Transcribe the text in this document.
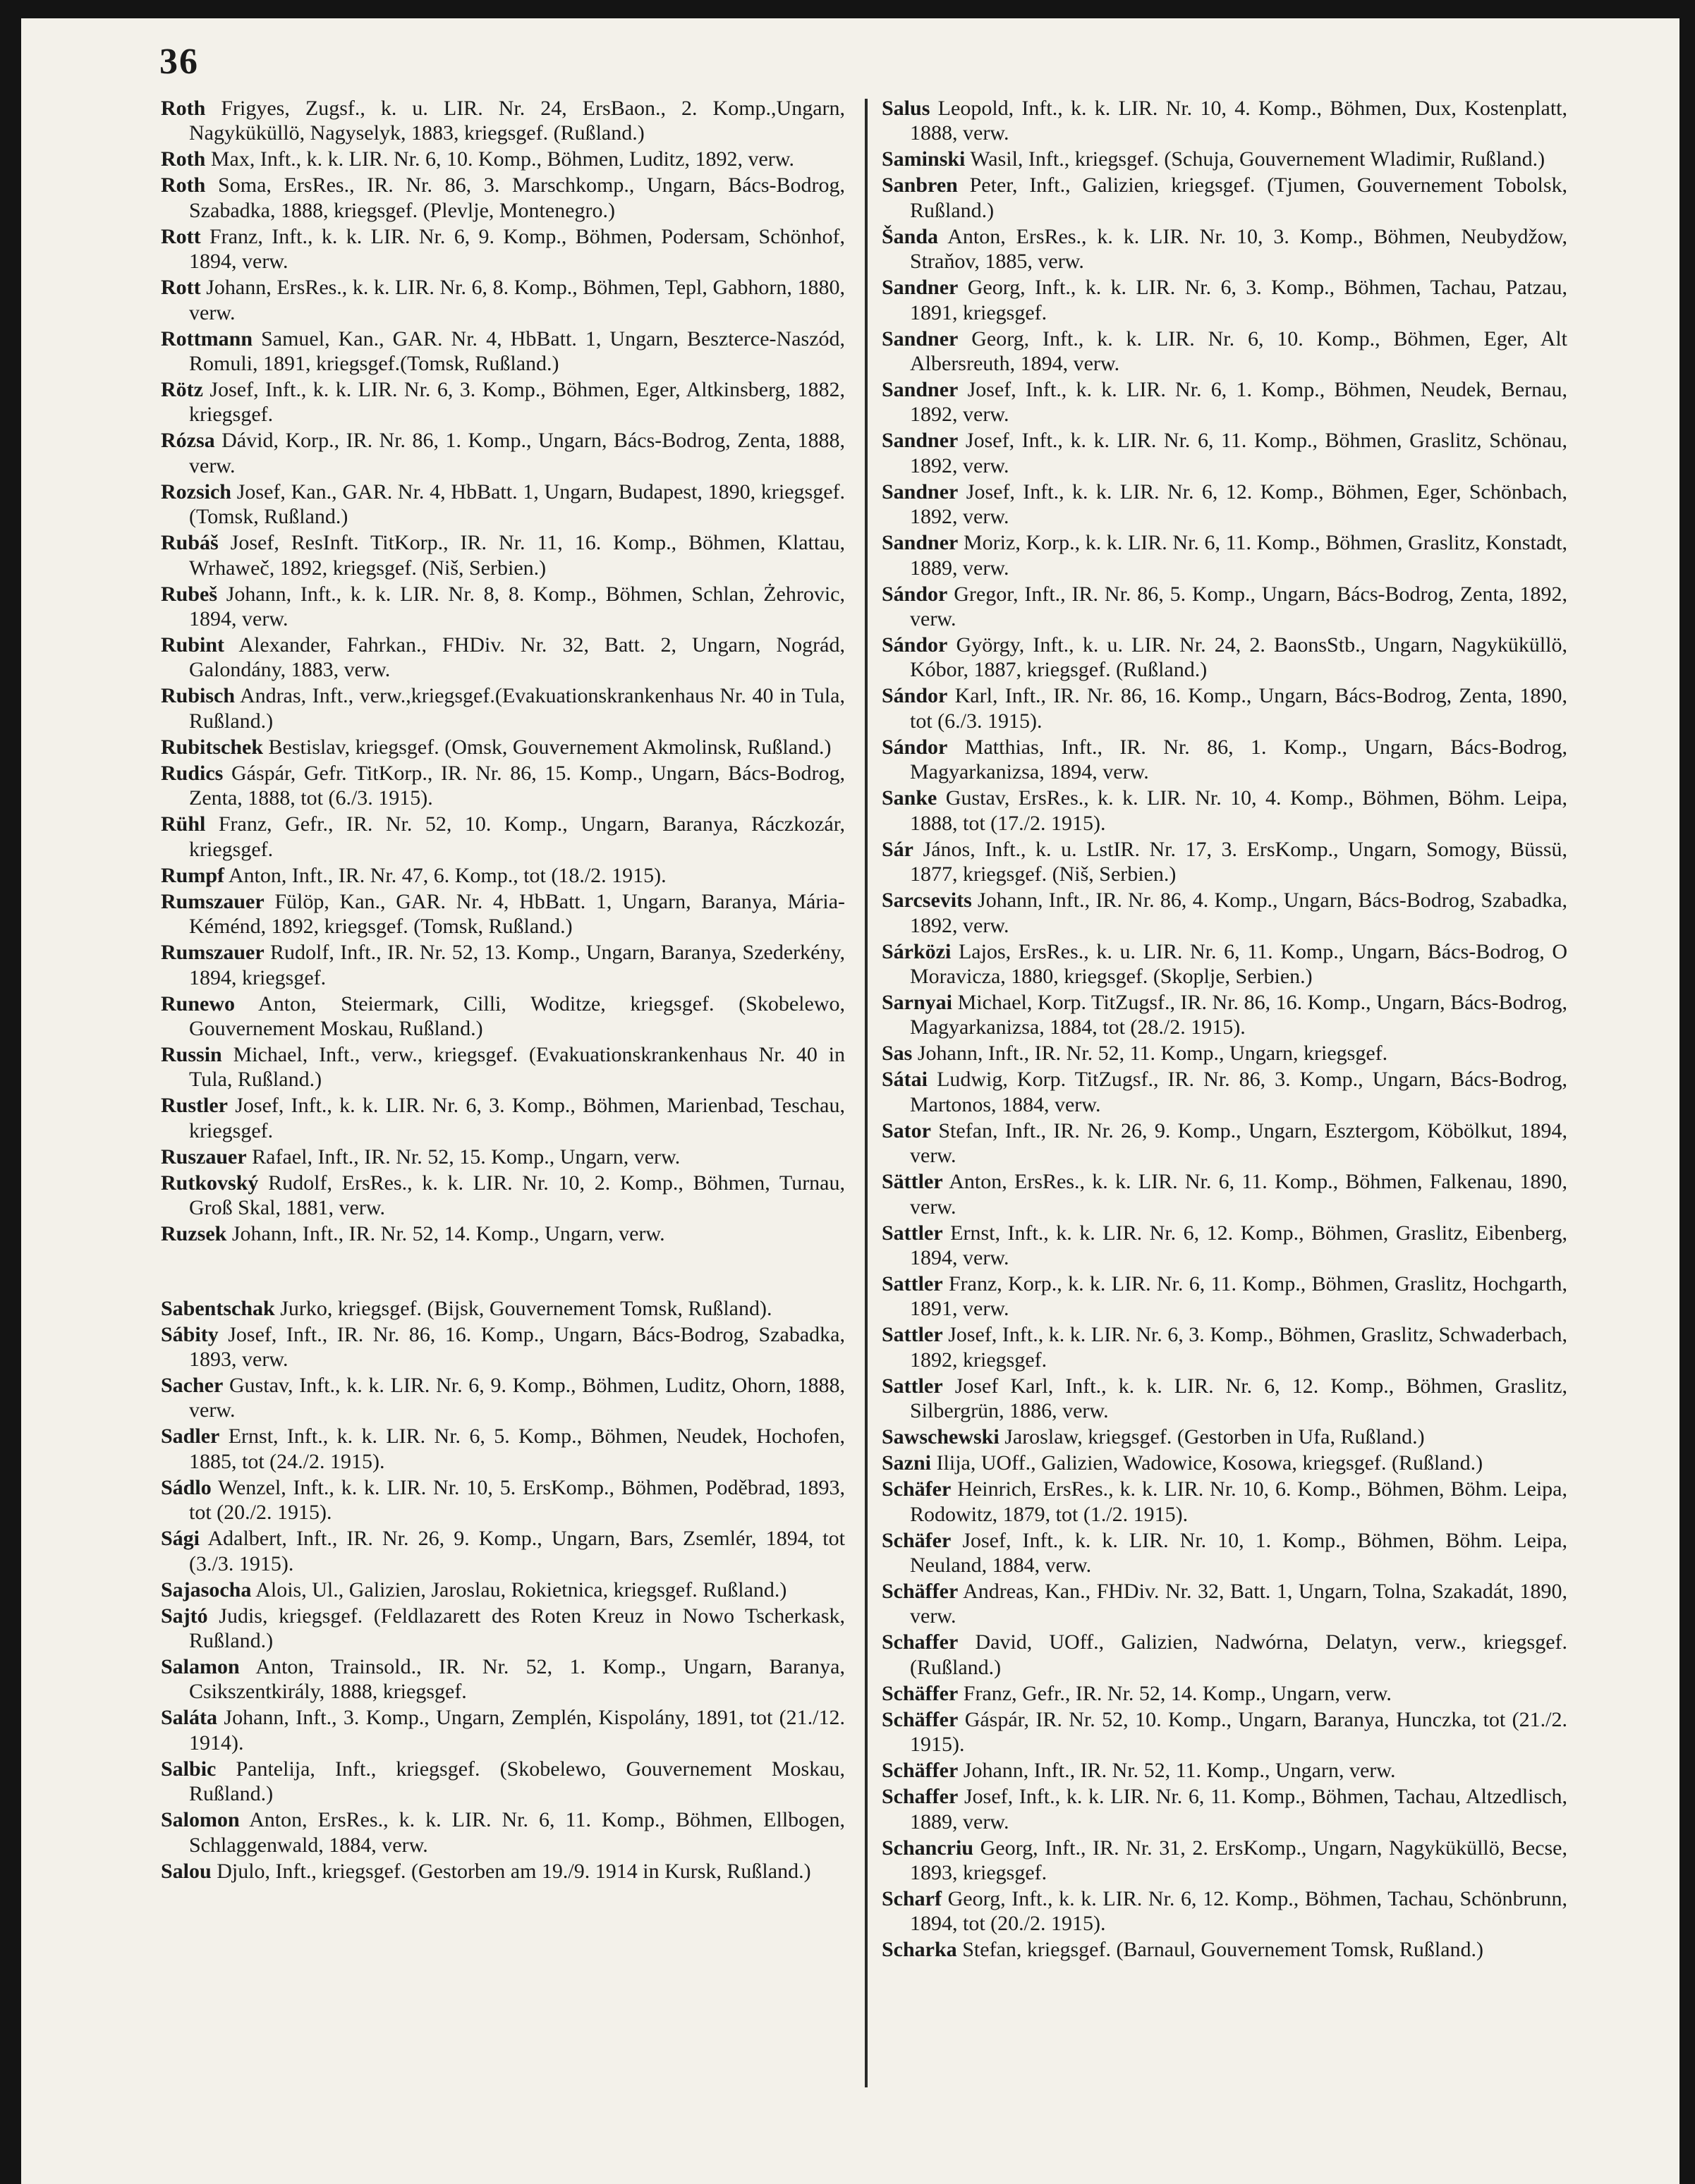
36
Roth Frigyes, Zugsf., k. u. LIR. Nr. 24, ErsBaon., 2. Komp.,Ungarn, Nagyküküllö, Nagyselyk, 1883, kriegsgef. (Rußland.)
Roth Max, Inft., k. k. LIR. Nr. 6, 10. Komp., Böhmen, Luditz, 1892, verw.
Roth Soma, ErsRes., IR. Nr. 86, 3. Marschkomp., Ungarn, Bács-Bodrog, Szabadka, 1888, kriegsgef. (Plevlje, Montenegro.)
Rott Franz, Inft., k. k. LIR. Nr. 6, 9. Komp., Böhmen, Podersam, Schönhof, 1894, verw.
Rott Johann, ErsRes., k. k. LIR. Nr. 6, 8. Komp., Böhmen, Tepl, Gabhorn, 1880, verw.
Rottmann Samuel, Kan., GAR. Nr. 4, HbBatt. 1, Ungarn, Beszterce-Naszód, Romuli, 1891, kriegsgef.(Tomsk, Rußland.)
Rötz Josef, Inft., k. k. LIR. Nr. 6, 3. Komp., Böhmen, Eger, Altkinsberg, 1882, kriegsgef.
Rózsa Dávid, Korp., IR. Nr. 86, 1. Komp., Ungarn, Bács-Bodrog, Zenta, 1888, verw.
Rozsich Josef, Kan., GAR. Nr. 4, HbBatt. 1, Ungarn, Budapest, 1890, kriegsgef. (Tomsk, Rußland.)
Rubáš Josef, ResInft. TitKorp., IR. Nr. 11, 16. Komp., Böhmen, Klattau, Wrhaweč, 1892, kriegsgef. (Niš, Serbien.)
Rubeš Johann, Inft., k. k. LIR. Nr. 8, 8. Komp., Böhmen, Schlan, Żehrovic, 1894, verw.
Rubint Alexander, Fahrkan., FHDiv. Nr. 32, Batt. 2, Ungarn, Nográd, Galondány, 1883, verw.
Rubisch Andras, Inft., verw.,kriegsgef.(Evakuationskrankenhaus Nr. 40 in Tula, Rußland.)
Rubitschek Bestislav, kriegsgef. (Omsk, Gouvernement Akmolinsk, Rußland.)
Rudics Gáspár, Gefr. TitKorp., IR. Nr. 86, 15. Komp., Ungarn, Bács-Bodrog, Zenta, 1888, tot (6./3. 1915).
Rühl Franz, Gefr., IR. Nr. 52, 10. Komp., Ungarn, Baranya, Ráczkozár, kriegsgef.
Rumpf Anton, Inft., IR. Nr. 47, 6. Komp., tot (18./2. 1915).
Rumszauer Fülöp, Kan., GAR. Nr. 4, HbBatt. 1, Ungarn, Baranya, Mária-Kéménd, 1892, kriegsgef. (Tomsk, Rußland.)
Rumszauer Rudolf, Inft., IR. Nr. 52, 13. Komp., Ungarn, Baranya, Szederkény, 1894, kriegsgef.
Runewo Anton, Steiermark, Cilli, Woditze, kriegsgef. (Skobelewo, Gouvernement Moskau, Rußland.)
Russin Michael, Inft., verw., kriegsgef. (Evakuationskrankenhaus Nr. 40 in Tula, Rußland.)
Rustler Josef, Inft., k. k. LIR. Nr. 6, 3. Komp., Böhmen, Marienbad, Teschau, kriegsgef.
Ruszauer Rafael, Inft., IR. Nr. 52, 15. Komp., Ungarn, verw.
Rutkovský Rudolf, ErsRes., k. k. LIR. Nr. 10, 2. Komp., Böhmen, Turnau, Groß Skal, 1881, verw.
Ruzsek Johann, Inft., IR. Nr. 52, 14. Komp., Ungarn, verw.
Sabentschak Jurko, kriegsgef. (Bijsk, Gouvernement Tomsk, Rußland).
Sábity Josef, Inft., IR. Nr. 86, 16. Komp., Ungarn, Bács-Bodrog, Szabadka, 1893, verw.
Sacher Gustav, Inft., k. k. LIR. Nr. 6, 9. Komp., Böhmen, Luditz, Ohorn, 1888, verw.
Sadler Ernst, Inft., k. k. LIR. Nr. 6, 5. Komp., Böhmen, Neudek, Hochofen, 1885, tot (24./2. 1915).
Sádlo Wenzel, Inft., k. k. LIR. Nr. 10, 5. ErsKomp., Böhmen, Poděbrad, 1893, tot (20./2. 1915).
Sági Adalbert, Inft., IR. Nr. 26, 9. Komp., Ungarn, Bars, Zsemlér, 1894, tot (3./3. 1915).
Sajasocha Alois, Ul., Galizien, Jaroslau, Rokietnica, kriegsgef. Rußland.)
Sajtó Judis, kriegsgef. (Feldlazarett des Roten Kreuz in Nowo Tscherkask, Rußland.)
Salamon Anton, Trainsold., IR. Nr. 52, 1. Komp., Ungarn, Baranya, Csikszentkirály, 1888, kriegsgef.
Saláta Johann, Inft., 3. Komp., Ungarn, Zemplén, Kispolány, 1891, tot (21./12. 1914).
Salbic Pantelija, Inft., kriegsgef. (Skobelewo, Gouvernement Moskau, Rußland.)
Salomon Anton, ErsRes., k. k. LIR. Nr. 6, 11. Komp., Böhmen, Ellbogen, Schlaggenwald, 1884, verw.
Salou Djulo, Inft., kriegsgef. (Gestorben am 19./9. 1914 in Kursk, Rußland.)
Salus Leopold, Inft., k. k. LIR. Nr. 10, 4. Komp., Böhmen, Dux, Kostenplatt, 1888, verw.
Saminski Wasil, Inft., kriegsgef. (Schuja, Gouvernement Wladimir, Rußland.)
Sanbren Peter, Inft., Galizien, kriegsgef. (Tjumen, Gouvernement Tobolsk, Rußland.)
Šanda Anton, ErsRes., k. k. LIR. Nr. 10, 3. Komp., Böhmen, Neubydžow, Straňov, 1885, verw.
Sandner Georg, Inft., k. k. LIR. Nr. 6, 3. Komp., Böhmen, Tachau, Patzau, 1891, kriegsgef.
Sandner Georg, Inft., k. k. LIR. Nr. 6, 10. Komp., Böhmen, Eger, Alt Albersreuth, 1894, verw.
Sandner Josef, Inft., k. k. LIR. Nr. 6, 1. Komp., Böhmen, Neudek, Bernau, 1892, verw.
Sandner Josef, Inft., k. k. LIR. Nr. 6, 11. Komp., Böhmen, Graslitz, Schönau, 1892, verw.
Sandner Josef, Inft., k. k. LIR. Nr. 6, 12. Komp., Böhmen, Eger, Schönbach, 1892, verw.
Sandner Moriz, Korp., k. k. LIR. Nr. 6, 11. Komp., Böhmen, Graslitz, Konstadt, 1889, verw.
Sándor Gregor, Inft., IR. Nr. 86, 5. Komp., Ungarn, Bács-Bodrog, Zenta, 1892, verw.
Sándor György, Inft., k. u. LIR. Nr. 24, 2. BaonsStb., Ungarn, Nagyküküllö, Kóbor, 1887, kriegsgef. (Rußland.)
Sándor Karl, Inft., IR. Nr. 86, 16. Komp., Ungarn, Bács-Bodrog, Zenta, 1890, tot (6./3. 1915).
Sándor Matthias, Inft., IR. Nr. 86, 1. Komp., Ungarn, Bács-Bodrog, Magyarkanizsa, 1894, verw.
Sanke Gustav, ErsRes., k. k. LIR. Nr. 10, 4. Komp., Böhmen, Böhm. Leipa, 1888, tot (17./2. 1915).
Sár János, Inft., k. u. LstIR. Nr. 17, 3. ErsKomp., Ungarn, Somogy, Büssü, 1877, kriegsgef. (Niš, Serbien.)
Sarcsevits Johann, Inft., IR. Nr. 86, 4. Komp., Ungarn, Bács-Bodrog, Szabadka, 1892, verw.
Sárközi Lajos, ErsRes., k. u. LIR. Nr. 6, 11. Komp., Ungarn, Bács-Bodrog, O Moravicza, 1880, kriegsgef. (Skoplje, Serbien.)
Sarnyai Michael, Korp. TitZugsf., IR. Nr. 86, 16. Komp., Ungarn, Bács-Bodrog, Magyarkanizsa, 1884, tot (28./2. 1915).
Sas Johann, Inft., IR. Nr. 52, 11. Komp., Ungarn, kriegsgef.
Sátai Ludwig, Korp. TitZugsf., IR. Nr. 86, 3. Komp., Ungarn, Bács-Bodrog, Martonos, 1884, verw.
Sator Stefan, Inft., IR. Nr. 26, 9. Komp., Ungarn, Esztergom, Köbölkut, 1894, verw.
Sättler Anton, ErsRes., k. k. LIR. Nr. 6, 11. Komp., Böhmen, Falkenau, 1890, verw.
Sattler Ernst, Inft., k. k. LIR. Nr. 6, 12. Komp., Böhmen, Graslitz, Eibenberg, 1894, verw.
Sattler Franz, Korp., k. k. LIR. Nr. 6, 11. Komp., Böhmen, Graslitz, Hochgarth, 1891, verw.
Sattler Josef, Inft., k. k. LIR. Nr. 6, 3. Komp., Böhmen, Graslitz, Schwaderbach, 1892, kriegsgef.
Sattler Josef Karl, Inft., k. k. LIR. Nr. 6, 12. Komp., Böhmen, Graslitz, Silbergrün, 1886, verw.
Sawschewski Jaroslaw, kriegsgef. (Gestorben in Ufa, Rußland.)
Sazni Ilija, UOff., Galizien, Wadowice, Kosowa, kriegsgef. (Rußland.)
Schäfer Heinrich, ErsRes., k. k. LIR. Nr. 10, 6. Komp., Böhmen, Böhm. Leipa, Rodowitz, 1879, tot (1./2. 1915).
Schäfer Josef, Inft., k. k. LIR. Nr. 10, 1. Komp., Böhmen, Böhm. Leipa, Neuland, 1884, verw.
Schäffer Andreas, Kan., FHDiv. Nr. 32, Batt. 1, Ungarn, Tolna, Szakadát, 1890, verw.
Schaffer David, UOff., Galizien, Nadwórna, Delatyn, verw., kriegsgef. (Rußland.)
Schäffer Franz, Gefr., IR. Nr. 52, 14. Komp., Ungarn, verw.
Schäffer Gáspár, IR. Nr. 52, 10. Komp., Ungarn, Baranya, Hunczka, tot (21./2. 1915).
Schäffer Johann, Inft., IR. Nr. 52, 11. Komp., Ungarn, verw.
Schaffer Josef, Inft., k. k. LIR. Nr. 6, 11. Komp., Böhmen, Tachau, Altzedlisch, 1889, verw.
Schancriu Georg, Inft., IR. Nr. 31, 2. ErsKomp., Ungarn, Nagyküküllö, Becse, 1893, kriegsgef.
Scharf Georg, Inft., k. k. LIR. Nr. 6, 12. Komp., Böhmen, Tachau, Schönbrunn, 1894, tot (20./2. 1915).
Scharka Stefan, kriegsgef. (Barnaul, Gouvernement Tomsk, Rußland.)
